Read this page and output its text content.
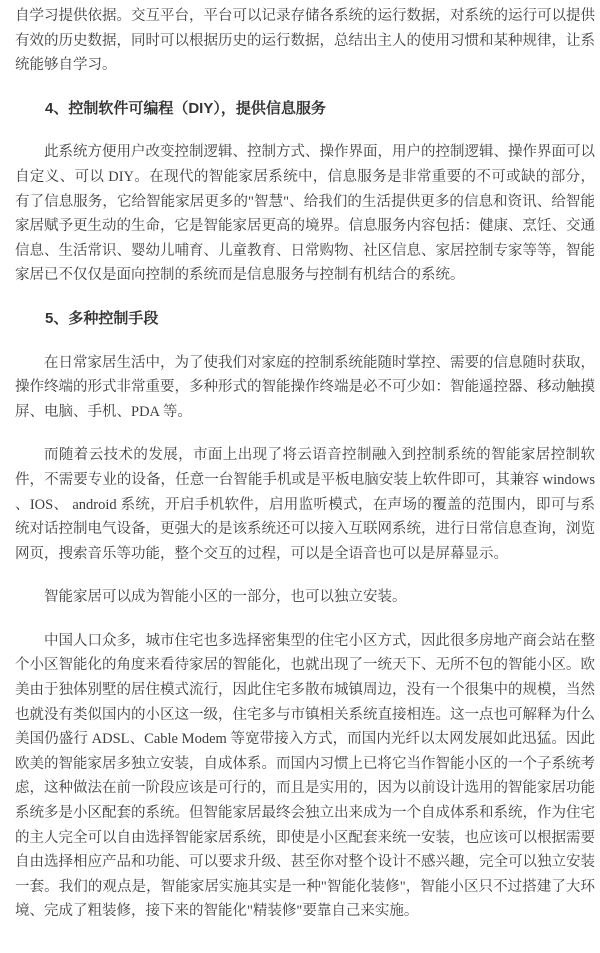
自学习提供依据。交互平台，平台可以记录存储各系统的运行数据，对系统的运行可以提供有效的历史数据，同时可以根据历史的运行数据，总结出主人的使用习惯和某种规律，让系统能够自学习。

4、控制软件可编程（DIY），提供信息服务

此系统方便用户改变控制逻辑、控制方式、操作界面，用户的控制逻辑、操作界面可以自定义、可以 DIY。在现代的智能家居系统中，信息服务是非常重要的不可或缺的部分，有了信息服务，它给智能家居更多的"智慧"、给我们的生活提供更多的信息和资讯、给智能家居赋予更生动的生命，它是智能家居更高的境界。信息服务内容包括：健康、烹饪、交通信息、生活常识、婴幼儿哺育、儿童教育、日常购物、社区信息、家居控制专家等等，智能家居已不仅仅是面向控制的系统而是信息服务与控制有机结合的系统。

5、多种控制手段

在日常家居生活中，为了使我们对家庭的控制系统能随时掌控、需要的信息随时获取，操作终端的形式非常重要，多种形式的智能操作终端是必不可少如：智能遥控器、移动触摸屏、电脑、手机、PDA 等。

而随着云技术的发展，市面上出现了将云语音控制融入到控制系统的智能家居控制软件，不需要专业的设备，任意一台智能手机或是平板电脑安装上软件即可，其兼容 windows 、IOS、 android 系统，开启手机软件，启用监听模式，在声场的覆盖的范围内，即可与系统对话控制电气设备，更强大的是该系统还可以接入互联网系统，进行日常信息查询，浏览网页，搜索音乐等功能，整个交互的过程，可以是全语音也可以是屏幕显示。

智能家居可以成为智能小区的一部分，也可以独立安装。

中国人口众多，城市住宅也多选择密集型的住宅小区方式，因此很多房地产商会站在整个小区智能化的角度来看待家居的智能化，也就出现了一统天下、无所不包的智能小区。欧美由于独体别墅的居住模式流行，因此住宅多散布城镇周边，没有一个很集中的规模，当然也就没有类似国内的小区这一级，住宅多与市镇相关系统直接相连。这一点也可解释为什么美国仍盛行 ADSL、Cable Modem 等宽带接入方式，而国内光纤以太网发展如此迅猛。因此欧美的智能家居多独立安装，自成体系。而国内习惯上已将它当作智能小区的一个子系统考虑，这种做法在前一阶段应该是可行的，而且是实用的，因为以前设计选用的智能家居功能系统多是小区配套的系统。但智能家居最终会独立出来成为一个自成体系和系统，作为住宅的主人完全可以自由选择智能家居系统，即使是小区配套来统一安装，也应该可以根据需要自由选择相应产品和功能、可以要求升级、甚至你对整个设计不感兴趣，完全可以独立安装一套。我们的观点是，智能家居实施其实是一种"智能化装修"，智能小区只不过搭建了大环境、完成了粗装修，接下来的智能化"精装修"要靠自己来实施。
